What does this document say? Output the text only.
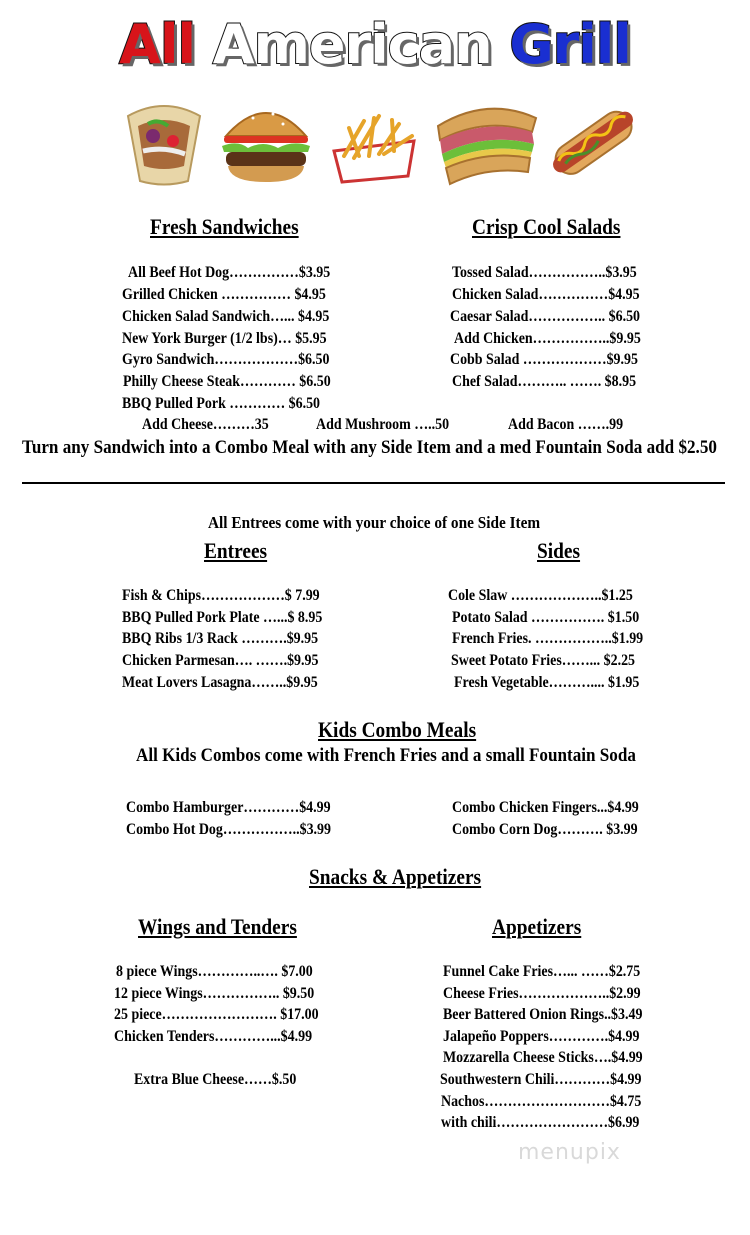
All American Grill
Fresh Sandwiches	Crisp Cool Salads
All Beef Hot Dog……………$3.95
Grilled Chicken …………… $4.95
Chicken Salad Sandwich…... $4.95
New York Burger (1/2 lbs)… $5.95
Gyro Sandwich………………$6.50
Philly Cheese Steak………… $6.50
BBQ Pulled Pork ………… $6.50
Tossed Salad……………..$3.95
Chicken Salad……………$4.95
Caesar Salad…………….. $6.50
Add Chicken……………..$9.95
Cobb Salad ………………$9.95
Chef Salad……….. ……. $8.95
Add Cheese………35	Add Mushroom …..50	Add Bacon …….99
Turn any Sandwich into a Combo Meal with any Side Item and a med Fountain Soda add $2.50
All Entrees come with your choice of one Side Item
Entrees	Sides
Fish & Chips………………$ 7.99
BBQ Pulled Pork Plate …...$ 8.95
BBQ Ribs 1/3 Rack ……….$9.95
Chicken Parmesan…. …….$9.95
Meat Lovers Lasagna……..$9.95
Cole Slaw ………………..$1.25
Potato Salad ……………. $1.50
French Fries. ……………..$1.99
Sweet Potato Fries……... $2.25
Fresh Vegetable……….... $1.95
Kids Combo Meals
All Kids Combos come with French Fries and a small Fountain Soda
Combo Hamburger…………$4.99
Combo Hot Dog……………..$3.99
Combo Chicken Fingers...$4.99
Combo Corn Dog………. $3.99
Snacks & Appetizers
Wings and Tenders	Appetizers
8 piece Wings…………..…. $7.00
12 piece Wings…………….. $9.50
25 piece……………………. $17.00
Chicken Tenders…………...$4.99
Extra Blue Cheese……$.50
Funnel Cake Fries…... ……$2.75
Cheese Fries………………..$2.99
Beer Battered Onion Rings..$3.49
Jalapeño Poppers………….$4.99
Mozzarella Cheese Sticks….$4.99
Southwestern Chili…………$4.99
Nachos………………………$4.75
with chili……………………$6.99
menupix
